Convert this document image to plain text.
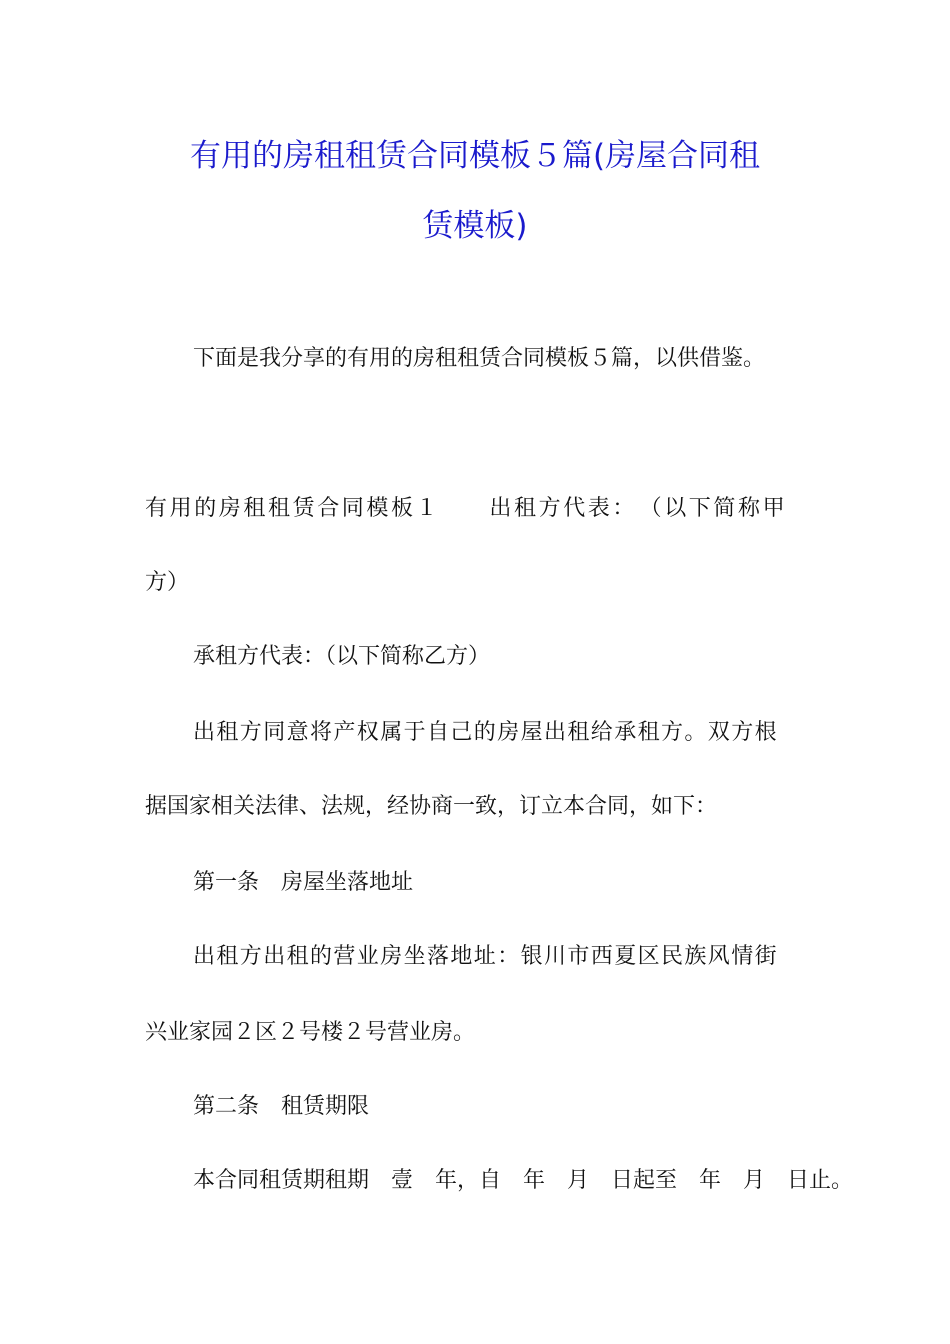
有用的房租租赁合同模板５篇(房屋合同租
赁模板)

下面是我分享的有用的房租租赁合同模板５篇，以供借鉴。

有用的房租租赁合同模板１　　出租方代表：　（以下简称甲

方）

承租方代表：（以下简称乙方）

出租方同意将产权属于自己的房屋出租给承租方。双方根

据国家相关法律、法规，经协商一致，订立本合同，如下：

第一条　房屋坐落地址

出租方出租的营业房坐落地址：银川市西夏区民族风情街

兴业家园２区２号楼２号营业房。

第二条　租赁期限

本合同租赁期租期　壹　年，自　年　月　日起至　年　月　日止。
